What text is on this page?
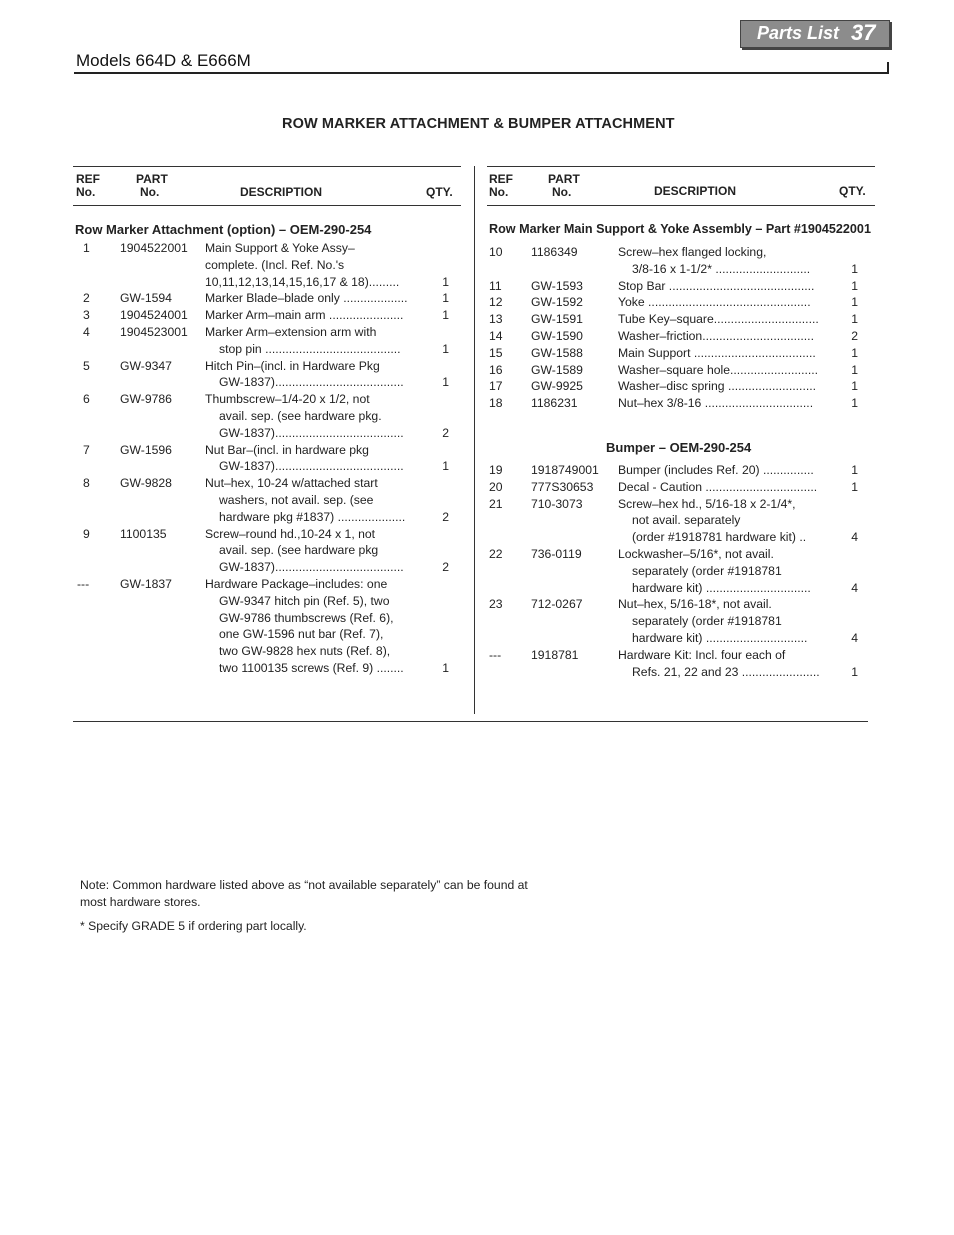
Parts List 37
Models 664D & E666M
ROW MARKER ATTACHMENT & BUMPER ATTACHMENT
REF
No.
PART
No.	DESCRIPTION	QTY.
REF
No.
PART
No.	DESCRIPTION	QTY.
Row Marker Attachment (option) – OEM-290-254
1 1904522001 Main Support & Yoke Assy–
complete. (Incl. Ref. No.'s
10,11,12,13,14,15,16,17 & 18).........	1
2 GW-1594	Marker Blade–blade only ...................	1
3 1904524001 Marker Arm–main arm ......................	1
4 1904523001 Marker Arm–extension arm with
stop pin ........................................	1
5 GW-9347	Hitch Pin–(incl. in Hardware Pkg
GW-1837)......................................	1
6 GW-9786	Thumbscrew–1/4-20 x 1/2, not
avail. sep. (see hardware pkg.
GW-1837)......................................	2
7 GW-1596	Nut Bar–(incl. in hardware pkg
GW-1837)......................................	1
8 GW-9828	Nut–hex, 10-24 w/attached start
washers, not avail. sep. (see
hardware pkg #1837) ....................	2
9 1100135	Screw–round hd.,10-24 x 1, not
avail. sep. (see hardware pkg
GW-1837)......................................	2
---	GW-1837	Hardware Package–includes: one
GW-9347 hitch pin (Ref. 5), two
GW-9786 thumbscrews (Ref. 6),
one GW-1596 nut bar (Ref. 7),
two GW-9828 hex nuts (Ref. 8),
two 1100135 screws (Ref. 9) ........	1
Row Marker Main Support & Yoke Assembly – Part #1904522001
10 1186349	Screw–hex flanged locking,
3/8-16 x 1-1/2* ............................	1
11 GW-1593	Stop Bar ...........................................	1
12 GW-1592	Yoke ................................................	1
13 GW-1591	Tube Key–square...............................	1
14 GW-1590	Washer–friction.................................	2
15 GW-1588	Main Support ....................................	1
16 GW-1589	Washer–square hole..........................	1
17 GW-9925	Washer–disc spring ..........................	1
18 1186231	Nut–hex 3/8-16 ................................	1
Bumper – OEM-290-254
19 1918749001 Bumper (includes Ref. 20) ...............	1
20 777S30653 Decal - Caution .................................	1
21 710-3073	Screw–hex hd., 5/16-18 x 2-1/4*,
not avail. separately
(order #1918781 hardware kit) ..	4
22 736-0119	Lockwasher–5/16*, not avail.
separately (order #1918781
hardware kit) ...............................	4
23 712-0267	Nut–hex, 5/16-18*, not avail.
separately (order #1918781
hardware kit) ..............................	4
--- 1918781	Hardware Kit: Incl. four each of
Refs. 21, 22 and 23 .......................	1

Note: Common hardware listed above as “not available separately” can be found at most hardware stores.

* Specify GRADE 5 if ordering part locally.
